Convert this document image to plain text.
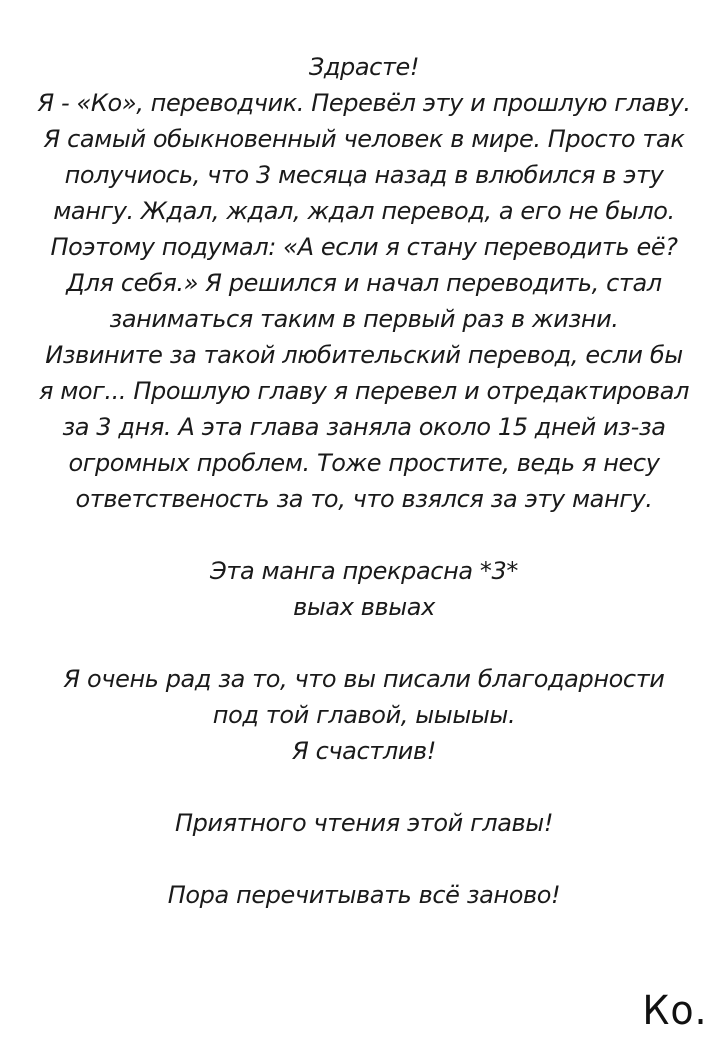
Здрасте!
Я - «Ко», переводчик. Перевёл эту и прошлую главу.
Я самый обыкновенный человек в мире. Просто так
получиось, что 3 месяца назад в влюбился в эту
мангу. Ждал, ждал, ждал перевод, а его не было.
Поэтому подумал: «А если я стану переводить её?
Для себя.» Я решился и начал переводить, стал
заниматься таким в первый раз в жизни.
Извините за такой любительский перевод, если бы
я мог... Прошлую главу я перевел и отредактировал
за 3 дня. А эта глава заняла около 15 дней из-за
огромных проблем. Тоже простите, ведь я несу
ответственость за то, что взялся за эту мангу.

Эта манга прекрасна *3*
выах ввыах

Я очень рад за то, что вы писали благодарности
под той главой, ыыыыы.
Я счастлив!

Приятного чтения этой главы!

Пора перечитывать всё заново!

Ко.
